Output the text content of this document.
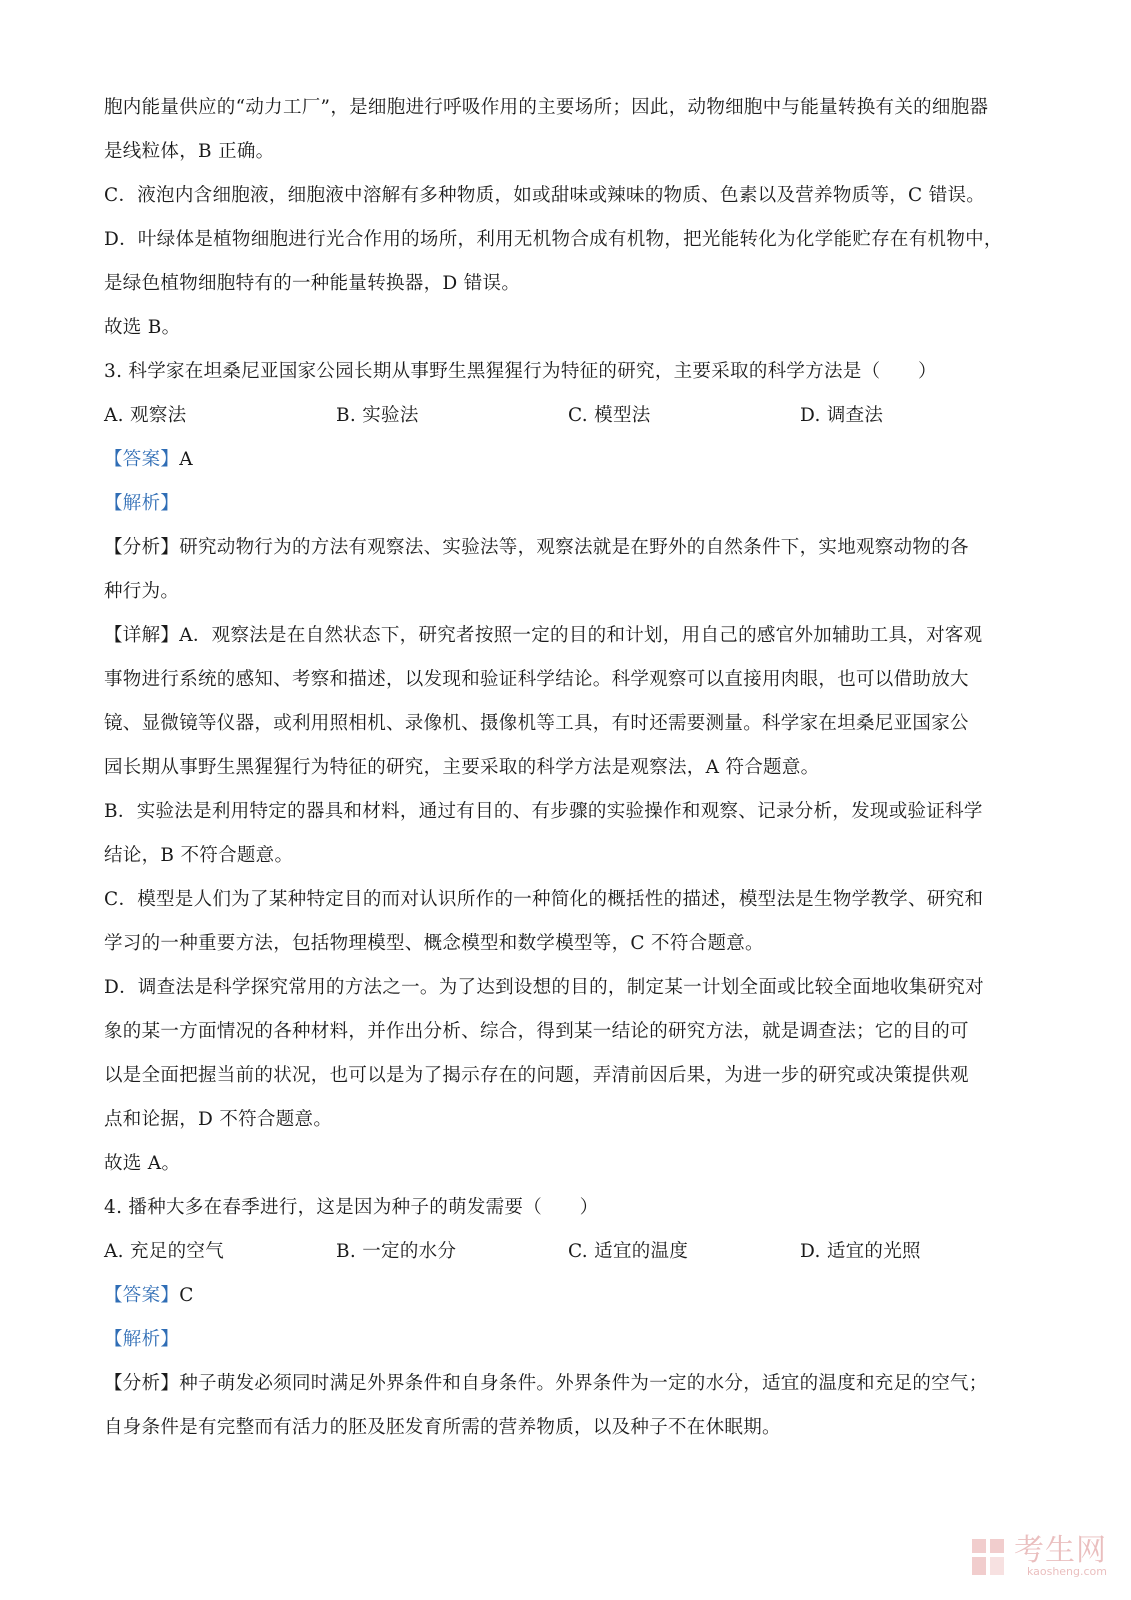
胞内能量供应的“动力工厂”，是细胞进行呼吸作用的主要场所；因此，动物细胞中与能量转换有关的细胞器
是线粒体，B 正确。
C．液泡内含细胞液，细胞液中溶解有多种物质，如或甜味或辣味的物质、色素以及营养物质等，C 错误。
D．叶绿体是植物细胞进行光合作用的场所，利用无机物合成有机物，把光能转化为化学能贮存在有机物中，
是绿色植物细胞特有的一种能量转换器，D 错误。
故选 B。
3. 科学家在坦桑尼亚国家公园长期从事野生黑猩猩行为特征的研究，主要采取的科学方法是（　　）
A. 观察法	B. 实验法	C. 模型法	D. 调查法
【答案】A
【解析】
【分析】研究动物行为的方法有观察法、实验法等，观察法就是在野外的自然条件下，实地观察动物的各
种行为。
【详解】A．观察法是在自然状态下，研究者按照一定的目的和计划，用自己的感官外加辅助工具，对客观
事物进行系统的感知、考察和描述，以发现和验证科学结论。科学观察可以直接用肉眼，也可以借助放大
镜、显微镜等仪器，或利用照相机、录像机、摄像机等工具，有时还需要测量。科学家在坦桑尼亚国家公
园长期从事野生黑猩猩行为特征的研究，主要采取的科学方法是观察法，A 符合题意。
B．实验法是利用特定的器具和材料，通过有目的、有步骤的实验操作和观察、记录分析，发现或验证科学
结论，B 不符合题意。
C．模型是人们为了某种特定目的而对认识所作的一种简化的概括性的描述，模型法是生物学教学、研究和
学习的一种重要方法，包括物理模型、概念模型和数学模型等，C 不符合题意。
D．调查法是科学探究常用的方法之一。为了达到设想的目的，制定某一计划全面或比较全面地收集研究对
象的某一方面情况的各种材料，并作出分析、综合，得到某一结论的研究方法，就是调查法；它的目的可
以是全面把握当前的状况，也可以是为了揭示存在的问题，弄清前因后果，为进一步的研究或决策提供观
点和论据，D 不符合题意。
故选 A。
4. 播种大多在春季进行，这是因为种子的萌发需要（　　）
A. 充足的空气	B. 一定的水分	C. 适宜的温度	D. 适宜的光照
【答案】C
【解析】
【分析】种子萌发必须同时满足外界条件和自身条件。外界条件为一定的水分，适宜的温度和充足的空气；
自身条件是有完整而有活力的胚及胚发育所需的营养物质，以及种子不在休眠期。
考生网
kaosheng.com
